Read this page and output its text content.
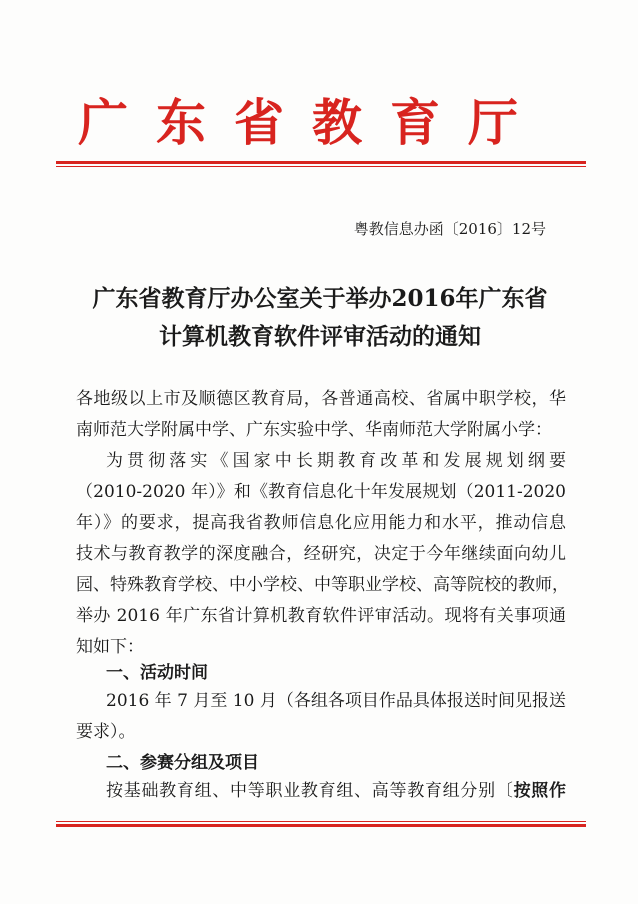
广东省教育厅
粤教信息办函〔2016〕12号
广东省教育厅办公室关于举办2016年广东省
计算机教育软件评审活动的通知
各地级以上市及顺德区教育局，各普通高校、省属中职学校，华
南师范大学附属中学、广东实验中学、华南师范大学附属小学：
为贯彻落实《国家中长期教育改革和发展规划纲要
（2010-2020 年）》和《教育信息化十年发展规划（2011-2020
年）》的要求，提高我省教师信息化应用能力和水平，推动信息
技术与教育教学的深度融合，经研究，决定于今年继续面向幼儿
园、特殊教育学校、中小学校、中等职业学校、高等院校的教师，
举办 2016 年广东省计算机教育软件评审活动。现将有关事项通
知如下：
一、活动时间
2016 年 7 月至 10 月（各组各项目作品具体报送时间见报送
要求）。
二、参赛分组及项目
按基础教育组、中等职业教育组、高等教育组分别〔按照作
